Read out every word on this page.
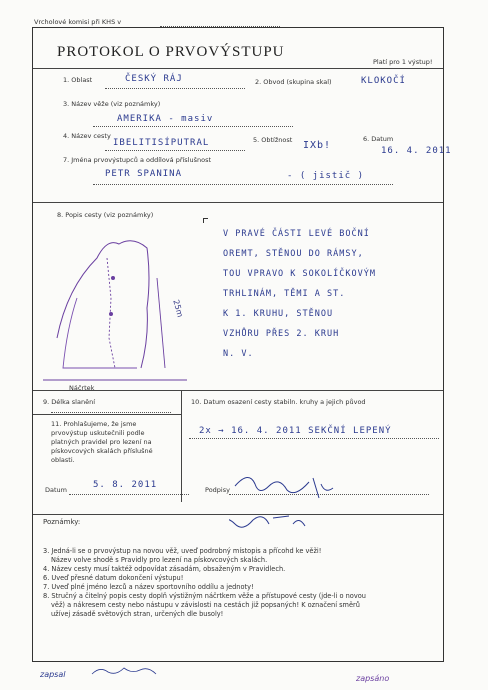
Vrcholové komisi při KHS v
PROTOKOL O PRVOVÝSTUPU
Platí pro 1 výstup!
1. Oblast	ČESKÝ RÁJ	2. Obvod (skupina skal)	KLOKOČÍ
3. Název věže (viz poznámky)
AMERIKA - masiv
4. Název cesty
IBELITISÍPUTRAL	5. Obtížnost IXb!
6. Datum
16. 4. 2011
7. Jména prvovýstupců a oddílová příslušnost
PETR SPANINA	- ( jistič )
8. Popis cesty (viz poznámky)
25m
Náčrtek
V PRAVÉ ČÁSTI LEVÉ BOČNÍ
OREMT, STĚNOU DO RÁMSY,
TOU VPRAVO K SOKOLÍČKOVÝM
TRHLINÁM, TĚMI A ST.
K 1. KRUHU, STĚNOU
VZHŮRU PŘES 2. KRUH
N. V.
9. Délka slanění	10. Datum osazení cesty stabiln. kruhy a jejich původ
2x → 16. 4. 2011 SEKČNÍ LEPENÝ
11. Prohlašujeme, že jsme prvovýstup uskutečnili podle platných pravidel pro lezení na pískovcových skalách příslušné oblasti.
Datum	5. 8. 2011	Podpisy
Poznámky:
3. Jedná-li se o prvovýstup na novou věž, uveď podrobný místopis a přícohd ke věži!
Název volve shodě s Pravidly pro lezení na pískovcových skalách.
4. Název cesty musí taktéž odpovídat zásadám, obsaženým v Pravidlech.
6. Uveď přesné datum dokončení výstupu!
7. Uveď plné jméno lezců a název sportovního oddílu a jednoty!
8. Stručný a čitelný popis cesty doplň výstižným náčrtkem věže a přístupové cesty (jde-li o novou
věž) a nákresem cesty nebo nástupu v závislosti na cestách již popsaných! K označení směrů
užívej zásadě světových stran, určených dle busoly!
zapsal	zapsáno
